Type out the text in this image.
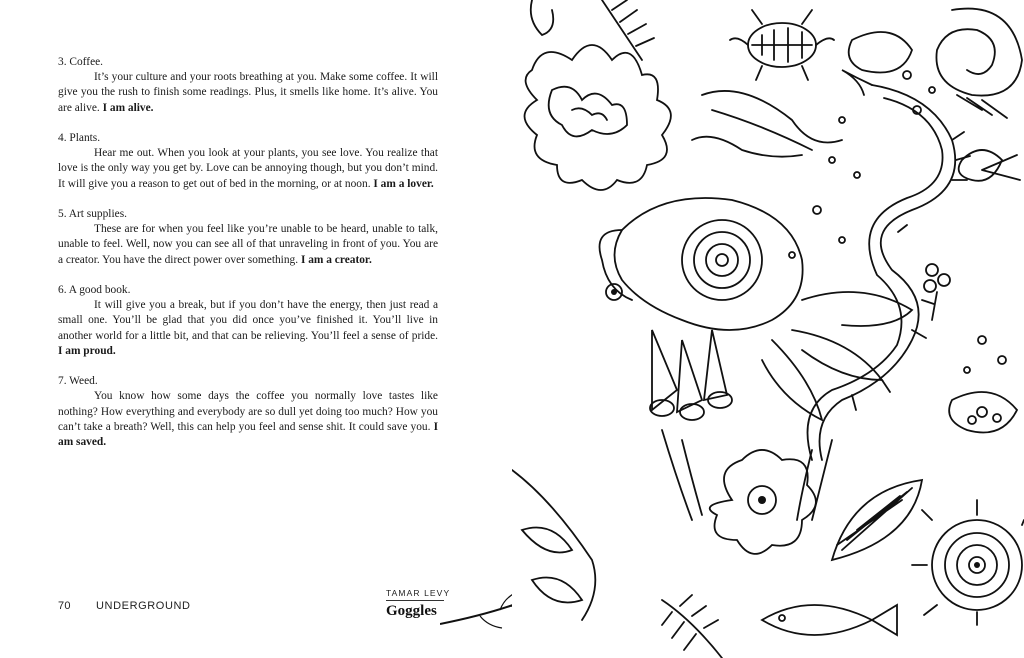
3. Coffee.
It’s your culture and your roots breathing at you. Make some coffee. It will give you the rush to finish some readings. Plus, it smells like home. It’s alive. You are alive. I am alive.
4. Plants.
Hear me out. When you look at your plants, you see love. You realize that love is the only way you get by. Love can be annoying though, but you don’t mind. It will give you a reason to get out of bed in the morning, or at noon. I am a lover.
5. Art supplies.
These are for when you feel like you’re unable to be heard, unable to talk, unable to feel. Well, now you can see all of that unraveling in front of you. You are a creator. You have the direct power over something. I am a creator.
6. A good book.
It will give you a break, but if you don’t have the energy, then just read a small one. You’ll be glad that you did once you’ve finished it. You’ll live in another world for a little bit, and that can be relieving. You’ll feel a sense of pride. I am proud.
7. Weed.
You know how some days the coffee you normally love tastes like nothing? How everything and everybody are so dull yet doing too much? How you can’t take a breath? Well, this can help you feel and sense shit. It could save you. I am saved.
70 UNDERGROUND
TAMAR LEVY
Goggles
